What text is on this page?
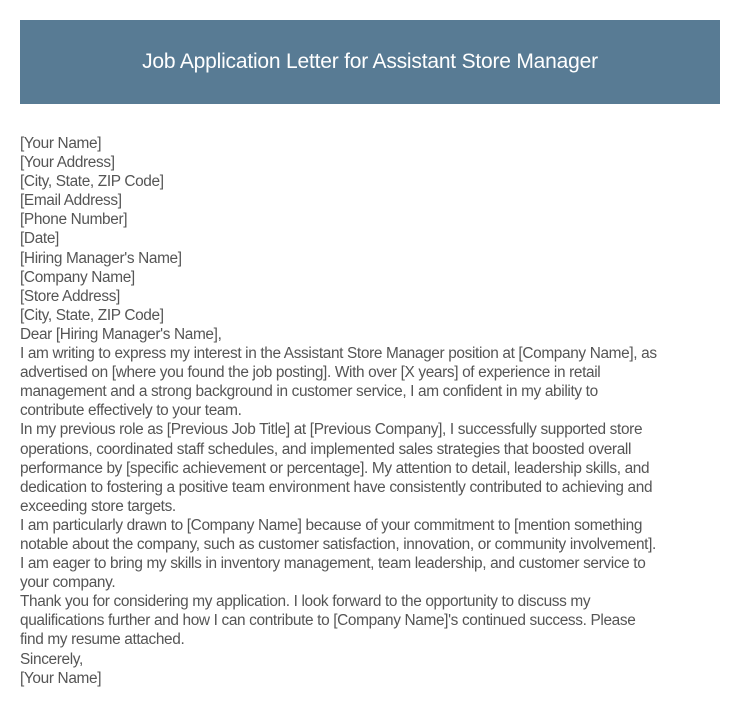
Job Application Letter for Assistant Store Manager
[Your Name]
[Your Address]
[City, State, ZIP Code]
[Email Address]
[Phone Number]
[Date]
[Hiring Manager's Name]
[Company Name]
[Store Address]
[City, State, ZIP Code]
Dear [Hiring Manager's Name],
I am writing to express my interest in the Assistant Store Manager position at [Company Name], as
advertised on [where you found the job posting]. With over [X years] of experience in retail
management and a strong background in customer service, I am confident in my ability to
contribute effectively to your team.
In my previous role as [Previous Job Title] at [Previous Company], I successfully supported store
operations, coordinated staff schedules, and implemented sales strategies that boosted overall
performance by [specific achievement or percentage]. My attention to detail, leadership skills, and
dedication to fostering a positive team environment have consistently contributed to achieving and
exceeding store targets.
I am particularly drawn to [Company Name] because of your commitment to [mention something
notable about the company, such as customer satisfaction, innovation, or community involvement].
I am eager to bring my skills in inventory management, team leadership, and customer service to
your company.
Thank you for considering my application. I look forward to the opportunity to discuss my
qualifications further and how I can contribute to [Company Name]'s continued success. Please
find my resume attached.
Sincerely,
[Your Name]
